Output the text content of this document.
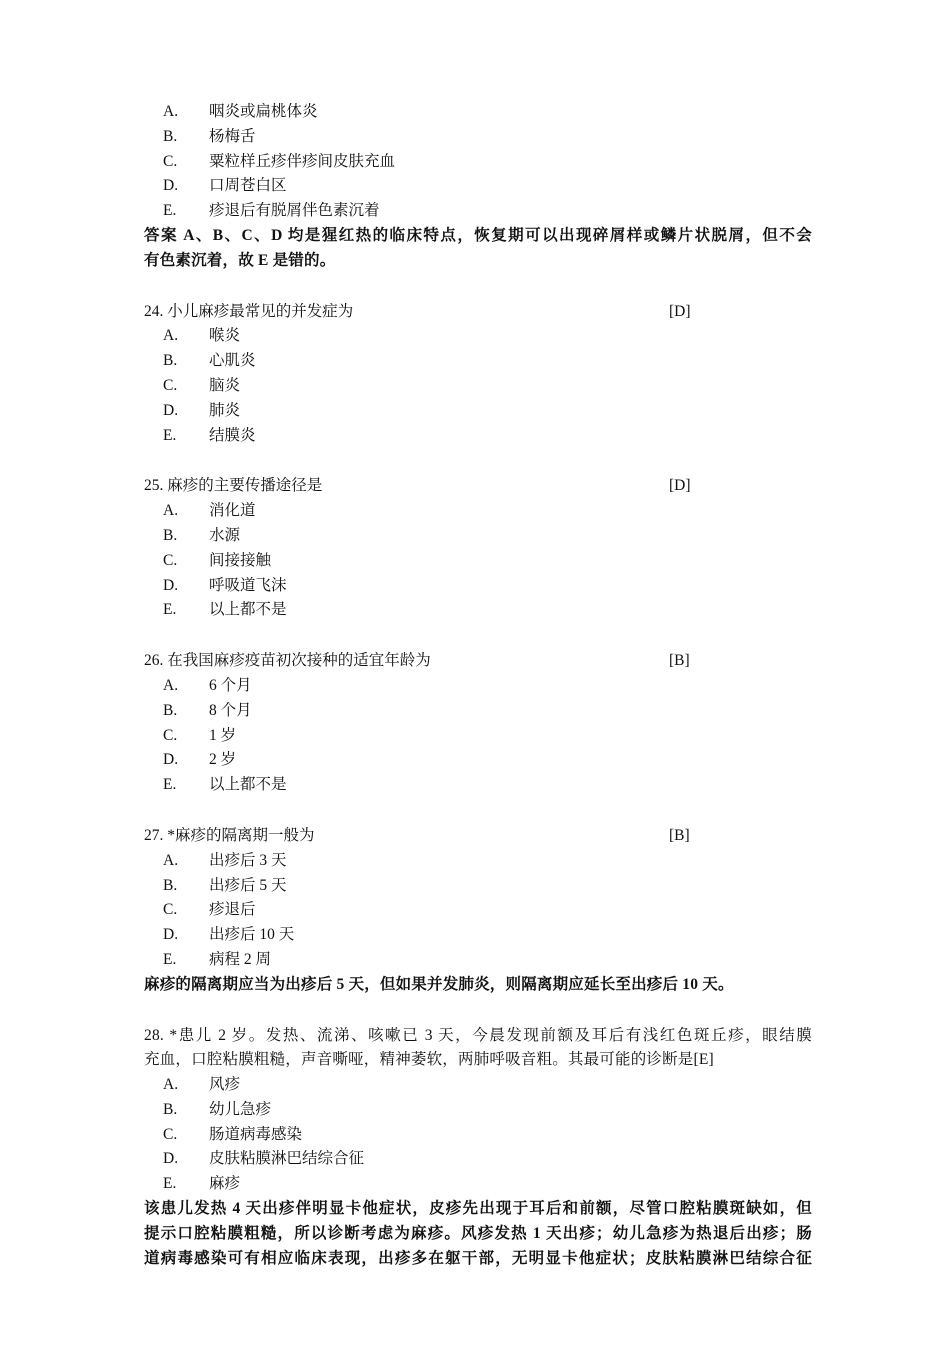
A. 咽炎或扁桃体炎
B. 杨梅舌
C. 粟粒样丘疹伴疹间皮肤充血
D. 口周苍白区
E. 疹退后有脱屑伴色素沉着
答案 A、B、C、D 均是猩红热的临床特点，恢复期可以出现碎屑样或鳞片状脱屑，但不会
有色素沉着，故 E 是错的。
24. 小儿麻疹最常见的并发症为	[D]
A. 喉炎
B. 心肌炎
C. 脑炎
D. 肺炎
E. 结膜炎
25. 麻疹的主要传播途径是	[D]
A. 消化道
B. 水源
C. 间接接触
D. 呼吸道飞沫
E. 以上都不是
26. 在我国麻疹疫苗初次接种的适宜年龄为	[B]
A. 6 个月
B. 8 个月
C. 1 岁
D. 2 岁
E. 以上都不是
27. *麻疹的隔离期一般为	[B]
A. 出疹后 3 天
B. 出疹后 5 天
C. 疹退后
D. 出疹后 10 天
E. 病程 2 周
麻疹的隔离期应当为出疹后 5 天，但如果并发肺炎，则隔离期应延长至出疹后 10 天。
28. *患儿 2 岁。发热、流涕、咳嗽已 3 天，今晨发现前额及耳后有浅红色斑丘疹，眼结膜
充血，口腔粘膜粗糙，声音嘶哑，精神萎软，两肺呼吸音粗。其最可能的诊断是[E]
A. 风疹
B. 幼儿急疹
C. 肠道病毒感染
D. 皮肤粘膜淋巴结综合征
E. 麻疹
该患儿发热 4 天出疹伴明显卡他症状，皮疹先出现于耳后和前额，尽管口腔粘膜斑缺如，但
提示口腔粘膜粗糙，所以诊断考虑为麻疹。风疹发热 1 天出疹；幼儿急疹为热退后出疹；肠
道病毒感染可有相应临床表现，出疹多在躯干部，无明显卡他症状；皮肤粘膜淋巴结综合征
